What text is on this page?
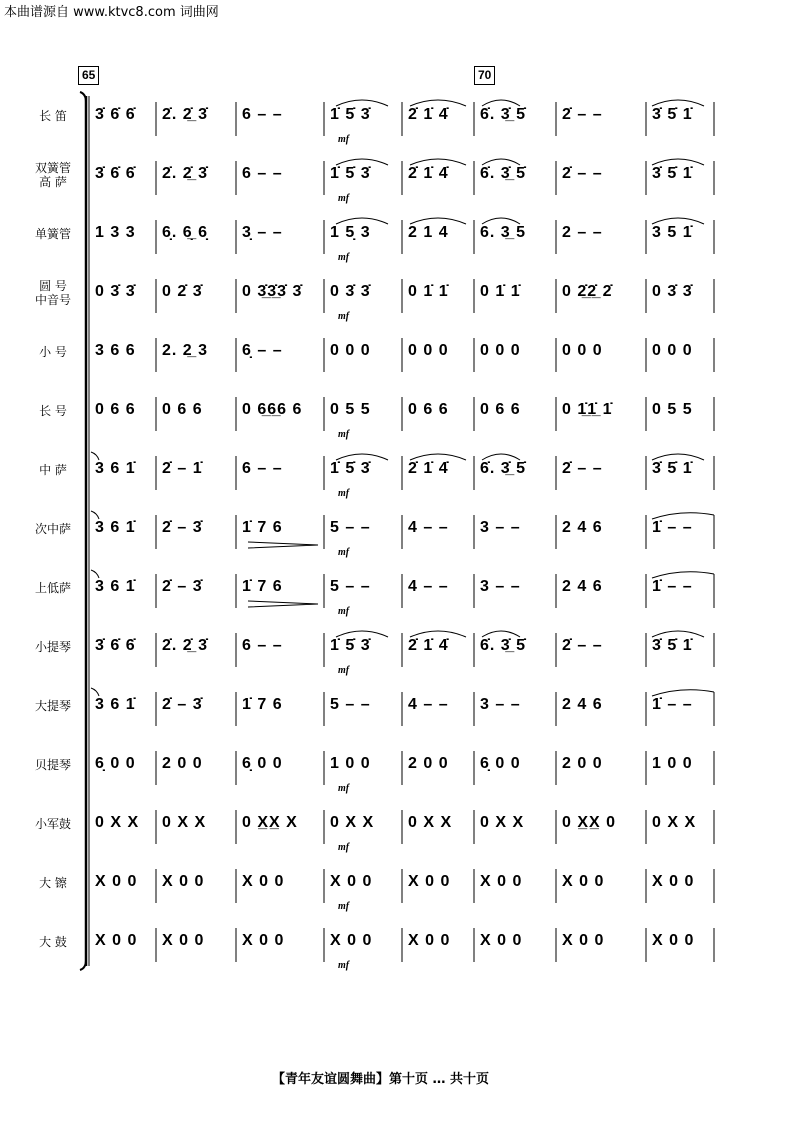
本曲谱源自 www.ktvc8.com 词曲网
65	70
长 笛	3̇ 6̇ 6̇	2̇. 2̲̇ 3̇	6 – –	1̇ 5̇ 3̇	2̇ 1̇ 4̇	6̇. 3̲̇ 5̇	2̇ – –	3̇ 5̇ 1̇
mf
双簧管
高 萨	3̇ 6̇ 6̇	2̇. 2̲̇ 3̇	6 – –	1̇ 5̇ 3̇	2̇ 1̇ 4̇	6̇. 3̲̇ 5̇	2̇ – –	3̇ 5̇ 1̇
mf
单簧管	1 3 3	6̣. 6̲̣ 6̣	3̣ – –	1 5̣ 3	2 1 4	6. 3̲ 5	2 – –	3 5 1̇
mf
圆 号
中音号	0 3̇ 3̇	0 2̇ 3̇	0 3̲̇3̲̇3̇ 3̇	0 3̇ 3̇	0 1̇ 1̇	0 1̇ 1̇	0 2̲̇2̲̇ 2̇	0 3̇ 3̇
mf
小 号	3 6 6	2. 2̲ 3	6̣ – –	0 0 0	0 0 0	0 0 0	0 0 0	0 0 0
长 号	0 6 6	0 6 6	0 6̲6̲6 6	0 5 5	0 6 6	0 6 6	0 1̲̇1̲̇ 1̇	0 5 5
mf
中 萨	3 6 1̇	2̇ – 1̇	6 – –	1̇ 5̇ 3̇	2̇ 1̇ 4̇	6̇. 3̲̇ 5̇	2̇ – –	3̇ 5̇ 1̇
mf
次中萨	3 6 1̇	2̇ – 3̇	1̇ 7 6	5 – –	4 – –	3 – –	2 4 6	1̇ – –
mf
上低萨	3 6 1̇	2̇ – 3̇	1̇ 7 6	5 – –	4 – –	3 – –	2 4 6	1̇ – –
mf
小提琴	3̇ 6̇ 6̇	2̇. 2̲̇ 3̇	6 – –	1̇ 5̇ 3̇	2̇ 1̇ 4̇	6̇. 3̲̇ 5̇	2̇ – –	3̇ 5̇ 1̇
mf
大提琴	3 6 1̇	2̇ – 3̇	1̇ 7 6	5 – –	4 – –	3 – –	2 4 6	1̇ – –
贝提琴	6̣ 0 0	2 0 0	6̣ 0 0	1 0 0	2 0 0	6̣ 0 0	2 0 0	1 0 0
mf
小军鼓	0 X X	0 X X	0 X̲X̲ X	0 X X	0 X X	0 X X	0 X̲X̲ 0	0 X X
mf
大 镲	X 0 0	X 0 0	X 0 0	X 0 0	X 0 0	X 0 0	X 0 0	X 0 0
mf
大 鼓	X 0 0	X 0 0	X 0 0	X 0 0	X 0 0	X 0 0	X 0 0	X 0 0
mf
【青年友谊圆舞曲】第十页 … 共十页
